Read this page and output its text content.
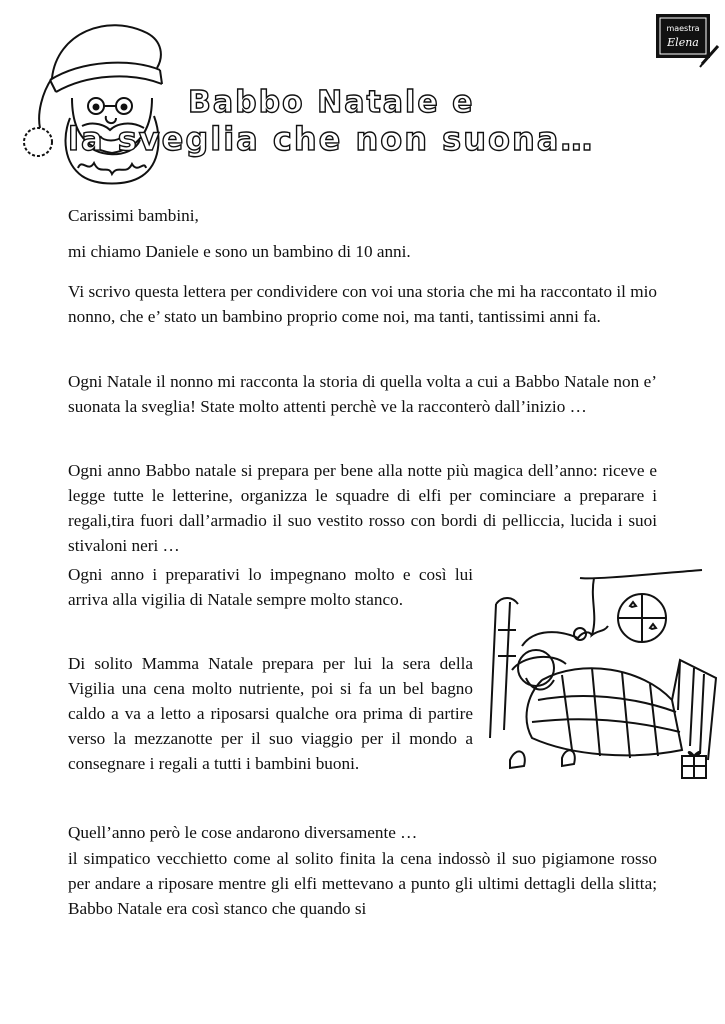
maestra
Elena
Babbo Natale e
la sveglia che non suona…

Carissimi bambini,

mi chiamo Daniele e sono un bambino di 10 anni.

Vi scrivo questa lettera per condividere con voi una storia che mi ha raccontato il mio nonno, che e’ stato un bambino proprio come noi, ma tanti, tantissimi anni fa.

Ogni Natale il nonno mi racconta la storia di quella volta a cui a Babbo Natale non e’ suonata la sveglia! State molto attenti perchè ve la racconterò dall’inizio …

Ogni anno Babbo natale si prepara per bene alla notte più magica dell’anno: riceve e legge tutte le letterine, organizza le squadre di elfi per cominciare a preparare i regali,tira fuori dall’armadio il suo vestito rosso con bordi di pelliccia, lucida i suoi stivaloni neri …

Ogni anno i preparativi lo impegnano molto e così lui arriva alla vigilia di Natale sempre molto stanco.

Di solito Mamma Natale prepara per lui la sera della Vigilia una cena molto nutriente, poi si fa un bel bagno caldo a va a letto a riposarsi qualche ora prima di partire verso la mezzanotte per il suo viaggio per il mondo a consegnare i regali a tutti i bambini buoni.

Quell’anno però le cose andarono diversamente …

il simpatico vecchietto come al solito finita la cena indossò il suo pigiamone rosso per andare a riposare mentre gli elfi mettevano a punto gli ultimi dettagli della slitta; Babbo Natale era così stanco che quando si
